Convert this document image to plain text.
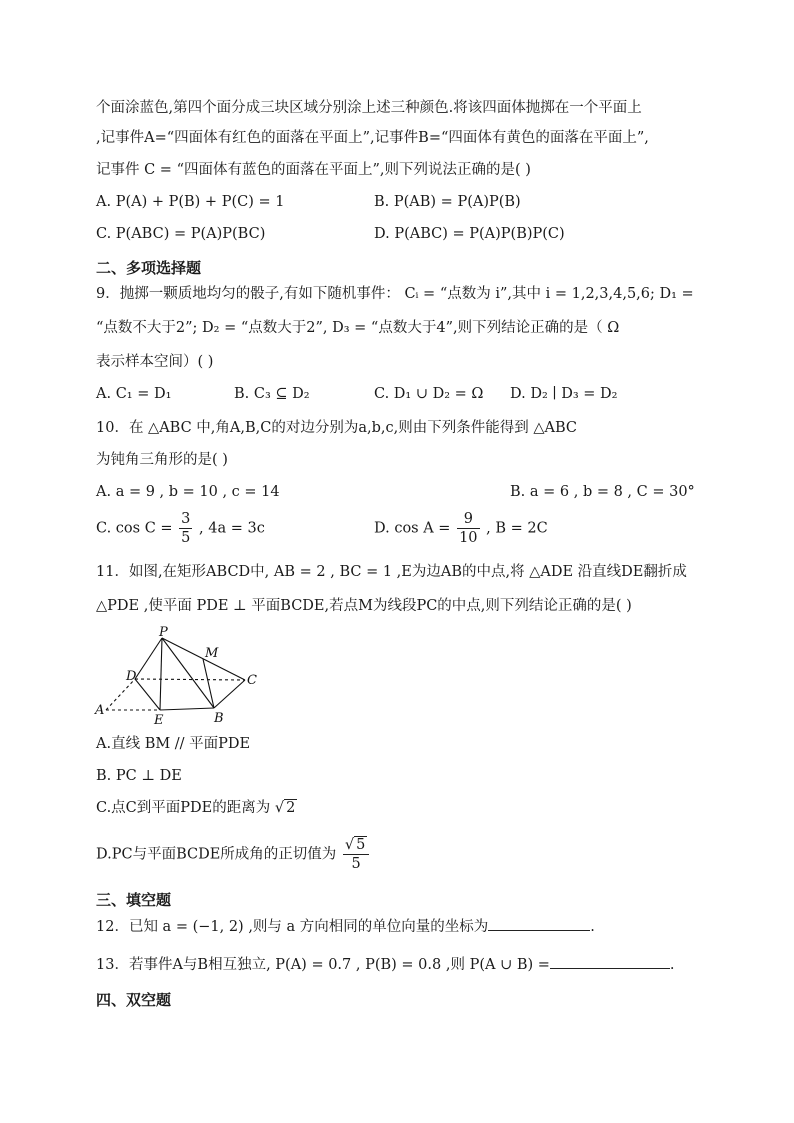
个面涂蓝色,第四个面分成三块区域分别涂上述三种颜色.将该四面体抛掷在一个平面上
,记事件A=“四面体有红色的面落在平面上”,记事件B=“四面体有黄色的面落在平面上”,
记事件 C = “四面体有蓝色的面落在平面上”,则下列说法正确的是( )
A. P(A) + P(B) + P(C) = 1	B. P(AB) = P(A)P(B)
C. P(ABC) = P(A)P(BC)	D. P(ABC) = P(A)P(B)P(C)
二、多项选择题
9．抛掷一颗质地均匀的骰子,有如下随机事件： Cᵢ = “点数为 i”,其中 i = 1,2,3,4,5,6; D₁ =
“点数不大于2”; D₂ = “点数大于2”, D₃ = “点数大于4”,则下列结论正确的是（ Ω
表示样本空间）( )
A. C₁ = D₁	B. C₃ ⊆ D₂	C. D₁ ∪ D₂ = Ω D. D₂ ∣ D₃ = D₂
10．在 △ABC 中,角A,B,C的对边分别为a,b,c,则由下列条件能得到 △ABC
为钝角三角形的是( )
A. a = 9 , b = 10 , c = 14	B. a = 6 , b = 8 , C = 30°
C. $\cos C = \frac{3}{5}$ , 4a = 3c	D. $\cos A = \frac{9}{10}$ , B = 2C
11．如图,在矩形ABCD中, AB = 2 , BC = 1 ,E为边AB的中点,将 △ADE 沿直线DE翻折成
△PDE ,使平面 PDE ⊥ 平面BCDE,若点M为线段PC的中点,则下列结论正确的是( )
P
M
D	C
A
E	B
A.直线 BM // 平面PDE
B. PC ⊥ DE
C.点C到平面PDE的距离为 √ 2
D.PC与平面BCDE所成角的正切值为 $\frac{√ 5}{5}$
三、填空题
12．已知 a = (−1, 2) ,则与 a 方向相同的单位向量的坐标为	.
13．若事件A与B相互独立, P(A) = 0.7 , P(B) = 0.8 ,则 P(A ∪ B) =	.
四、双空题
